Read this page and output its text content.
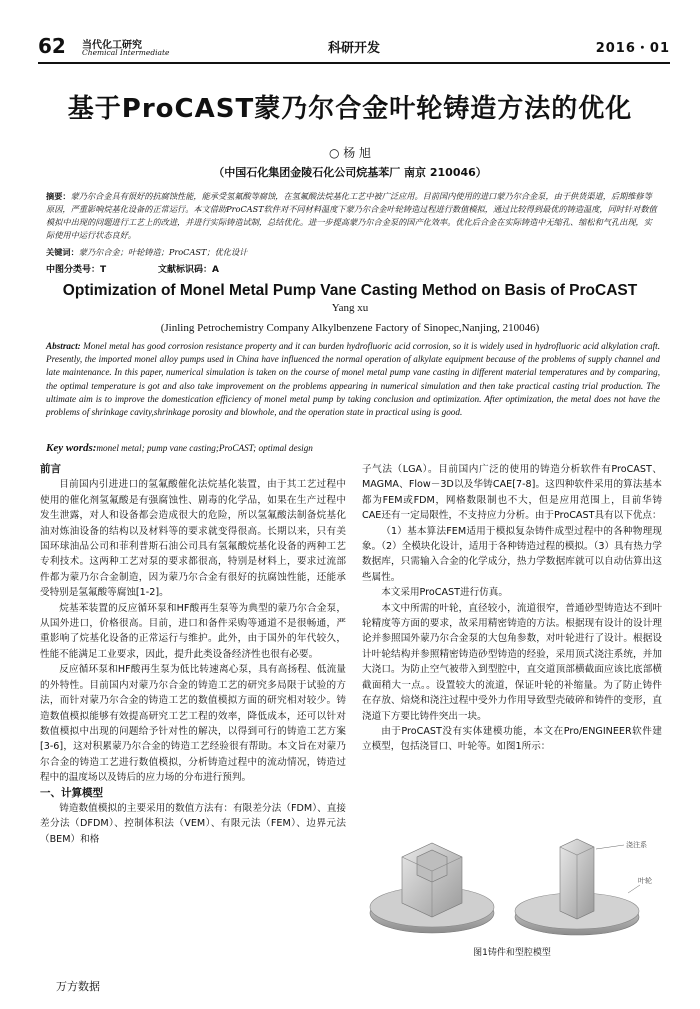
62 当代化工研究
Chemical Intermediate	科研开发	2016・01
基于ProCAST蒙乃尔合金叶轮铸造方法的优化
○ 杨 旭
（中国石化集团金陵石化公司烷基苯厂 南京 210046）
摘要：蒙乃尔合金具有很好的抗腐蚀性能，能承受氢氟酸等腐蚀，在氢氟酸法烷基化工艺中被广泛应用。目前国内使用的进口蒙乃尔合金泵，由于供货渠道，后期维修等原因，严重影响烷基化设备的正常运行。本文借助ProCAST软件对不同材料温度下蒙乃尔合金叶轮铸造过程进行数值模拟，通过比较得到最优的铸造温度，同时针对数值模拟中出现的问题进行工艺上的改进，并进行实际铸造试制，总结优化。进一步提高蒙乃尔合金泵的国产化效率。优化后合金在实际铸造中无缩孔、缩松和气孔出现，实际使用中运行状态良好。
关键词：蒙乃尔合金；叶轮铸造；ProCAST；优化设计
中图分类号：T	文献标识码：A
Optimization of Monel Metal Pump Vane Casting Method on Basis of ProCAST
Yang xu
(Jinling Petrochemistry Company Alkylbenzene Factory of Sinopec,Nanjing, 210046)
Abstract: Monel metal has good corrosion resistance property and it can burden hydrofluoric acid corrosion, so it is widely used in hydrofluoric acid alkylation craft. Presently, the imported monel alloy pumps used in China have influenced the normal operation of alkylate equipment because of the problems of supply channel and late maintenance. In this paper, numerical simulation is taken on the course of monel metal pump vane casting in different material temperatures and by comparing, the optimal temperature is got and also take improvement on the problems appearing in numerical simulation and then take practical casting trial production. The ultimate aim is to improve the domestication efficiency of monel metal pump by taking conclusion and optimization. After optimization, the metal does not have the problems of shrinkage cavity,shrinkage porosity and blowhole, and the operation state in practical using is good.
Key words:monel metal; pump vane casting;ProCAST; optimal design
前言

目前国内引进进口的氢氟酸催化法烷基化装置，由于其工艺过程中使用的催化剂氢氟酸是有强腐蚀性、剧毒的化学品，如果在生产过程中发生泄露，对人和设备都会造成很大的危险，所以氢氟酸法制备烷基化油对炼油设备的结构以及材料等的要求就变得很高。长期以来，只有美国环球油品公司和菲利普斯石油公司具有氢氟酸烷基化设备的两种工艺专利技术。这两种工艺对泵的要求都很高，特别是材料上，要求过流部件都为蒙乃尔合金制造，因为蒙乃尔合金有很好的抗腐蚀性能，还能承受特别是氢氟酸等腐蚀[1-2]。

烷基苯装置的反应循环泵和HF酸再生泵等为典型的蒙乃尔合金泵，从国外进口，价格很高。目前，进口和备件采购等通道不是很畅通，严重影响了烷基化设备的正常运行与维护。此外，由于国外的年代较久，性能不能满足工业要求，因此，提升此类设备经济性也很有必要。

反应循环泵和HF酸再生泵为低比转速离心泵，具有高扬程、低流量的外特性。目前国内对蒙乃尔合金的铸造工艺的研究多局限于试验的方法，而针对蒙乃尔合金的铸造工艺的数值模拟方面的研究相对较少。铸造数值模拟能够有效提高研究工艺工程的效率，降低成本，还可以针对数值模拟中出现的问题给予针对性的解决，以得到可行的铸造工艺方案[3-6]，这对积累蒙乃尔合金的铸造工艺经验很有帮助。本文旨在对蒙乃尔合金的铸造工艺进行数值模拟，分析铸造过程中的流动情况，铸造过程中的温度场以及铸后的应力场的分布进行预判。

一、计算模型

铸造数值模拟的主要采用的数值方法有：有限差分法（FDM）、直接差分法（DFDM）、控制体积法（VEM）、有限元法（FEM）、边界元法（BEM）和格

子气法（LGA）。目前国内广泛的使用的铸造分析软件有ProCAST、MAGMA、Flow－3D以及华铸CAE[7-8]。这四种软件采用的算法基本都为FEM或FDM，网格数限制也不大，但是应用范围上，目前华铸CAE还有一定局限性，不支持应力分析。由于ProCAST具有以下优点：

（1）基本算法FEM适用于模拟复杂铸件成型过程中的各种物理现象。（2）全模块化设计，适用于各种铸造过程的模拟。（3）具有热力学数据库，只需输入合金的化学成分，热力学数据库就可以自动估算出这些属性。

本文采用ProCAST进行仿真。

本文中所需的叶轮，直径较小，流道很窄，普通砂型铸造达不到叶轮精度等方面的要求，故采用精密铸造的方法。根据现有设计的设计理论并参照国外蒙乃尔合金泵的大包角参数，对叶轮进行了设计。根据设计叶轮结构并参照精密铸造砂型铸造的经验，采用顶式浇注系统，并加大浇口。为防止空气被带入到型腔中，直交道顶部横截面应该比底部横截面稍大一点。。设置较大的流道，保证叶轮的补缩量。为了防止铸件在存放、焙烧和浇注过程中受外力作用导致型壳破碎和铸件的变形，直浇道下方要比铸件突出一块。

由于ProCAST没有实体建模功能，本文在Pro/ENGINEER软件建立模型，包括浇冒口、叶轮等。如图1所示：

浇注系
叶轮
图1铸件和型腔模型
万方数据
